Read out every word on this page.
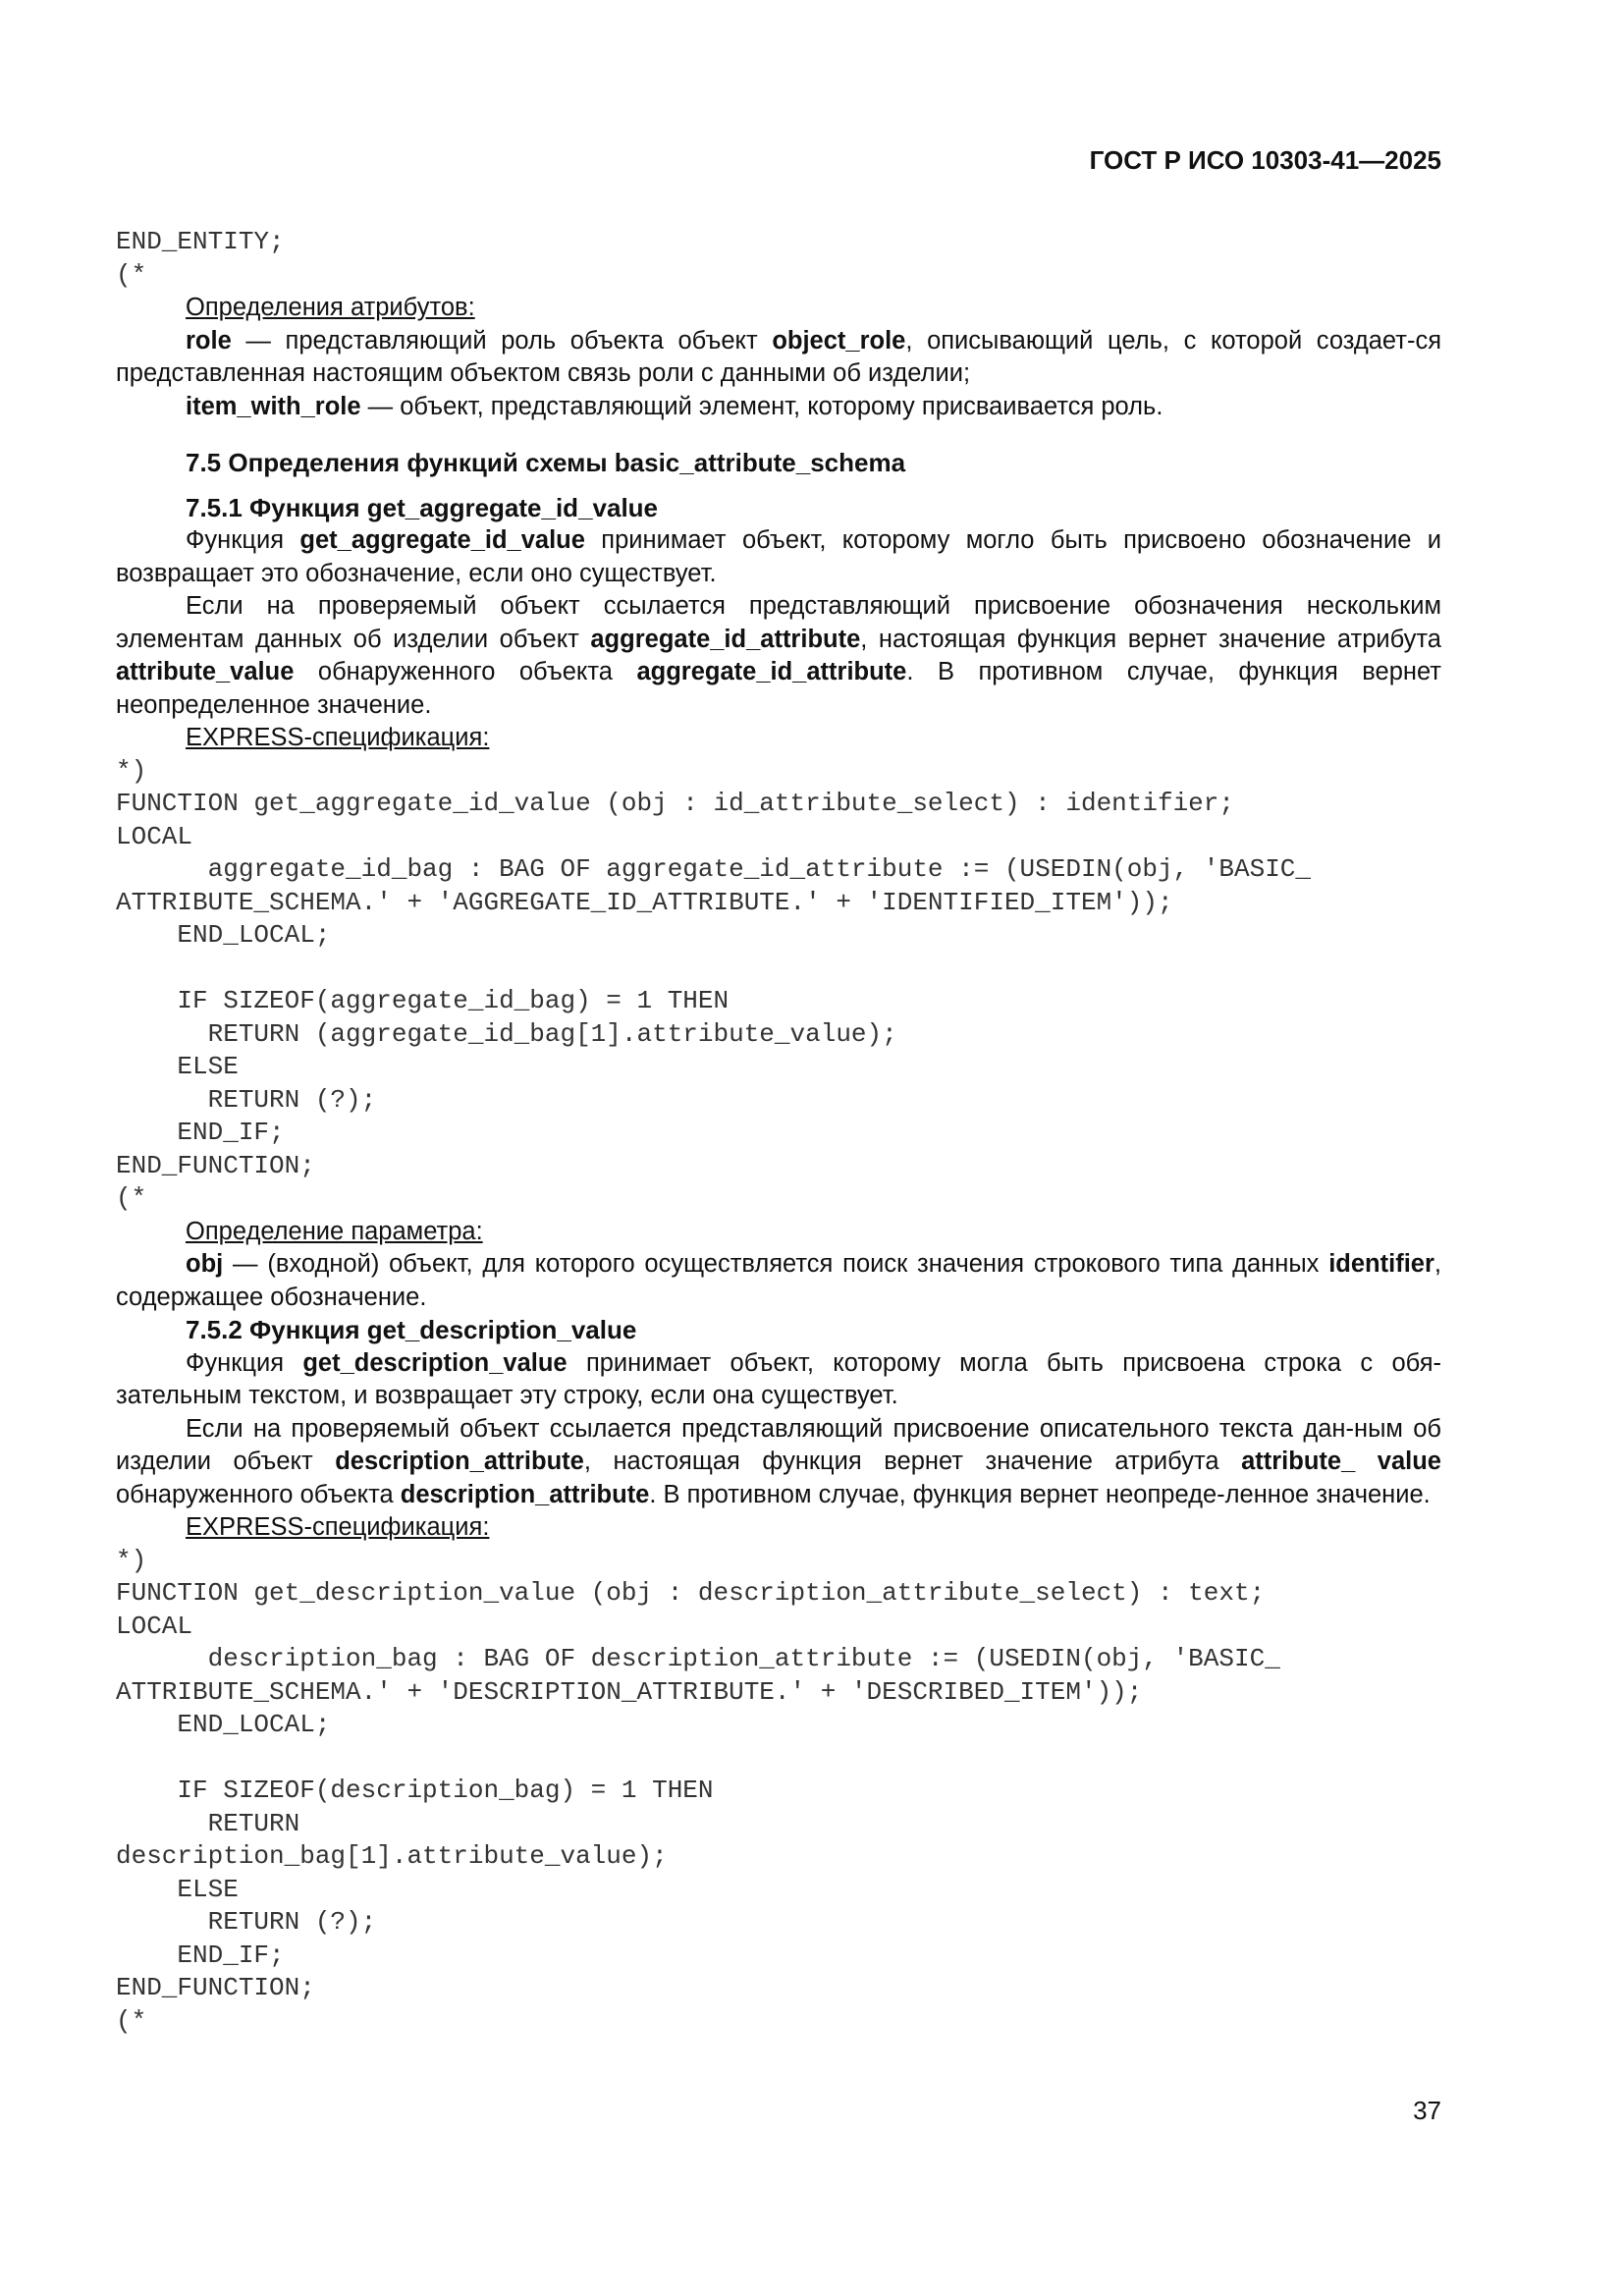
ГОСТ Р ИСО 10303-41—2025
END_ENTITY;
(*
Определения атрибутов:
role — представляющий роль объекта объект object_role, описывающий цель, с которой создает-ся представленная настоящим объектом связь роли с данными об изделии;
item_with_role — объект, представляющий элемент, которому присваивается роль.
7.5 Определения функций схемы basic_attribute_schema
7.5.1 Функция get_aggregate_id_value
Функция get_aggregate_id_value принимает объект, которому могло быть присвоено обозначение и возвращает это обозначение, если оно существует.
Если на проверяемый объект ссылается представляющий присвоение обозначения нескольким элементам данных об изделии объект aggregate_id_attribute, настоящая функция вернет значение атрибута attribute_value обнаруженного объекта aggregate_id_attribute. В противном случае, функция вернет неопределенное значение.
EXPRESS-спецификация:
*)
FUNCTION get_aggregate_id_value (obj : id_attribute_select) : identifier;
LOCAL
aggregate_id_bag : BAG OF aggregate_id_attribute := (USEDIN(obj, 'BASIC_
ATTRIBUTE_SCHEMA.' + 'AGGREGATE_ID_ATTRIBUTE.' + 'IDENTIFIED_ITEM'));
END_LOCAL;

IF SIZEOF(aggregate_id_bag) = 1 THEN
RETURN (aggregate_id_bag[1].attribute_value);
ELSE
RETURN (?);
END_IF;
END_FUNCTION;
(*
Определение параметра:
obj — (входной) объект, для которого осуществляется поиск значения строкового типа данных identifier, содержащее обозначение.
7.5.2 Функция get_description_value
Функция get_description_value принимает объект, которому могла быть присвоена строка с обя-зательным текстом, и возвращает эту строку, если она существует.
Если на проверяемый объект ссылается представляющий присвоение описательного текста дан-ным об изделии объект description_attribute, настоящая функция вернет значение атрибута attribute_ value обнаруженного объекта description_attribute. В противном случае, функция вернет неопреде-ленное значение.
EXPRESS-спецификация:
*)
FUNCTION get_description_value (obj : description_attribute_select) : text;
LOCAL
description_bag : BAG OF description_attribute := (USEDIN(obj, 'BASIC_
ATTRIBUTE_SCHEMA.' + 'DESCRIPTION_ATTRIBUTE.' + 'DESCRIBED_ITEM'));
END_LOCAL;

IF SIZEOF(description_bag) = 1 THEN
RETURN
description_bag[1].attribute_value);
ELSE
RETURN (?);
END_IF;
END_FUNCTION;
(*
37
